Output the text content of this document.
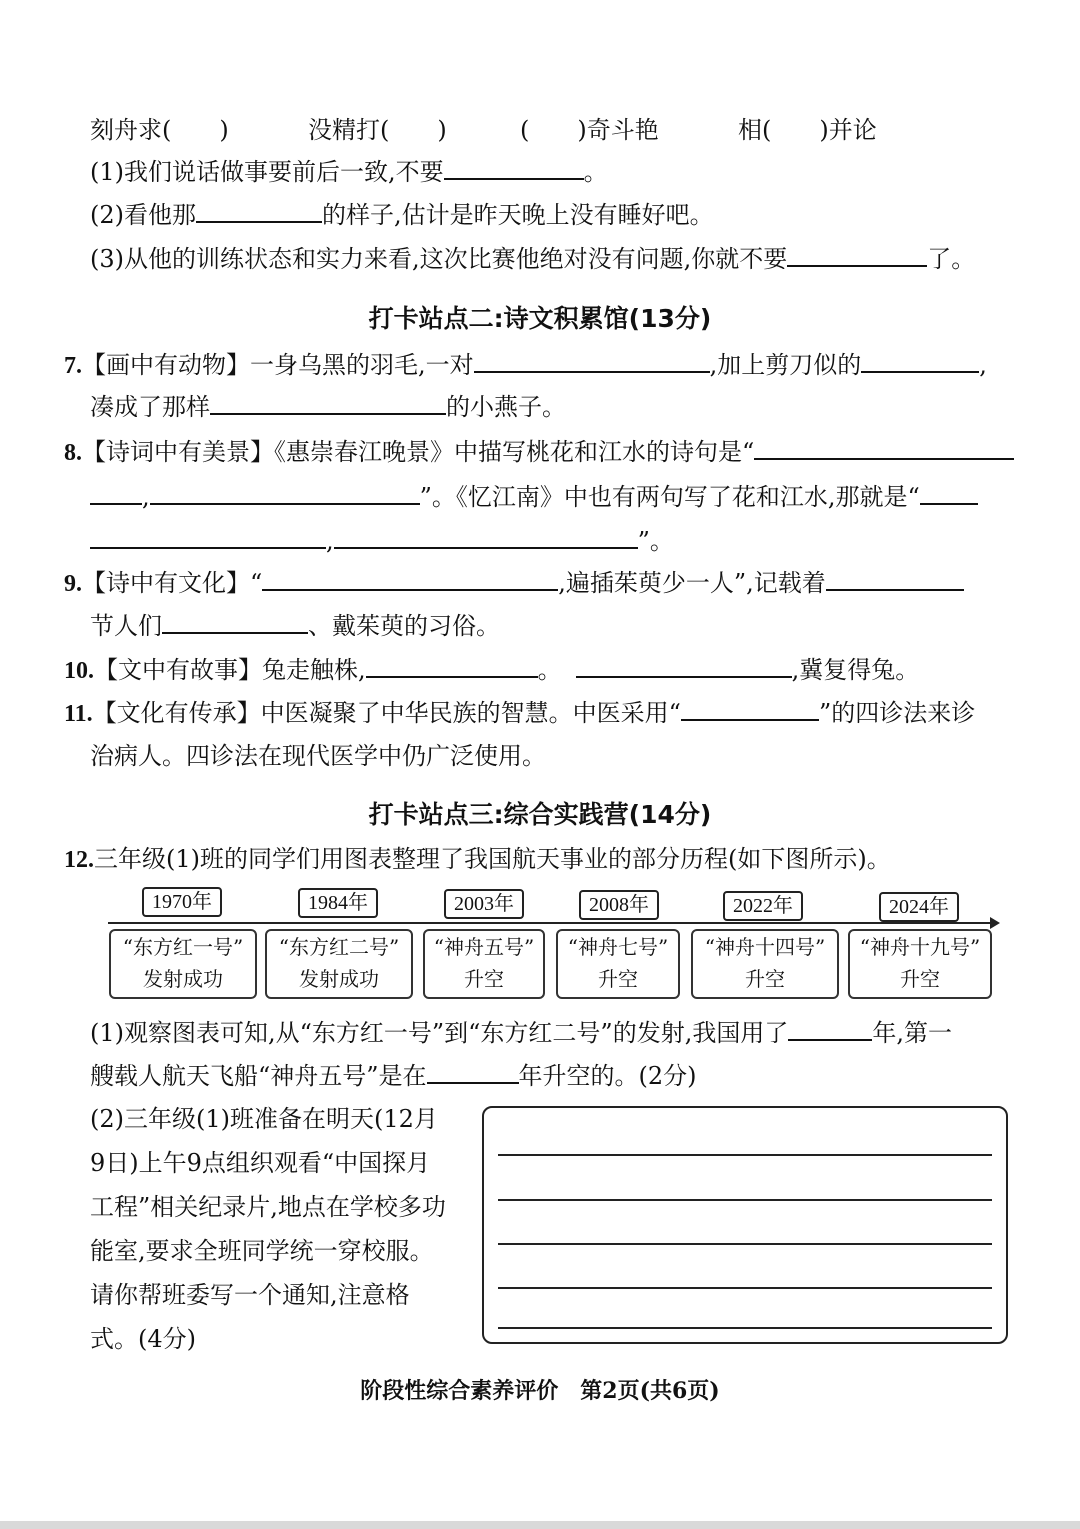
刻舟求(　　)	没精打(　　)	(　　)奇斗艳	相(　　)并论
(1)我们说话做事要前后一致,不要	。
(2)看他那	的样子,估计是昨天晚上没有睡好吧。
(3)从他的训练状态和实力来看,这次比赛他绝对没有问题,你就不要	了。
打卡站点二:诗文积累馆(13分)
7.【画中有动物】一身乌黑的羽毛,一对	,加上剪刀似的	,
凑成了那样	的小燕子。
8.【诗词中有美景】《惠崇春江晚景》中描写桃花和江水的诗句是“
,	”。《忆江南》中也有两句写了花和江水,那就是“
,	”。
9.【诗中有文化】“	,遍插茱萸少一人”,记载着
节人们	、戴茱萸的习俗。
10.【文中有故事】兔走触株,	。	,冀复得兔。
11.【文化有传承】中医凝聚了中华民族的智慧。中医采用“	”的四诊法来诊
治病人。四诊法在现代医学中仍广泛使用。
打卡站点三:综合实践营(14分)
12.三年级(1)班的同学们用图表整理了我国航天事业的部分历程(如下图所示)。
1970年	1984年	2003年	2008年	2022年	2024年
“东方红一号”
发射成功
“东方红二号”
发射成功
“神舟五号”
升空
“神舟七号”
升空
“神舟十四号”
升空
“神舟十九号”
升空
(1)观察图表可知,从“东方红一号”到“东方红二号”的发射,我国用了	年,第一
艘载人航天飞船“神舟五号”是在	年升空的。(2分)
(2)三年级(1)班准备在明天(12月
9日)上午9点组织观看“中国探月
工程”相关纪录片,地点在学校多功
能室,要求全班同学统一穿校服。
请你帮班委写一个通知,注意格
式。(4分)
阶段性综合素养评价　第2页(共6页)
